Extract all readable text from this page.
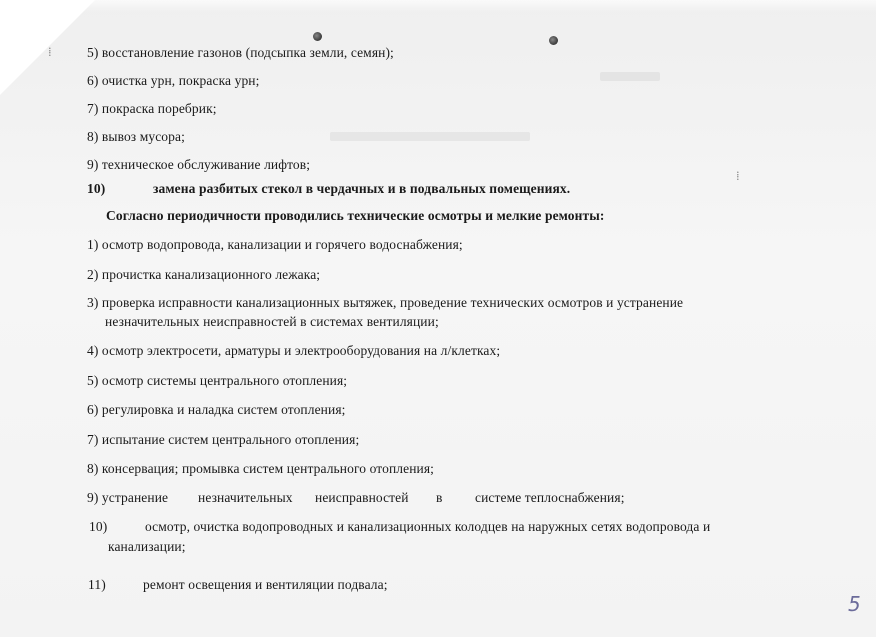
⁞
⁞
5) восстановление газонов (подсыпка земли, семян);
6) очистка урн, покраска урн;
7) покраска поребрик;
8) вывоз мусора;
9) техническое обслуживание лифтов;
10)	замена разбитых стекол в чердачных и в подвальных помещениях.
Согласно периодичности проводились технические осмотры и мелкие ремонты:
1) осмотр водопровода, канализации и горячего водоснабжения;
2) прочистка канализационного лежака;
3) проверка исправности канализационных вытяжек, проведение технических осмотров и устранение
незначительных неисправностей в системах вентиляции;
4) осмотр электросети, арматуры и электрооборудования на л/клетках;
5) осмотр системы центрального отопления;
6) регулировка и наладка систем отопления;
7) испытание систем центрального отопления;
8) консервация; промывка систем центрального отопления;
9) устранение незначительных неисправностей в системе теплоснабжения;
10)	осмотр, очистка водопроводных и канализационных колодцев на наружных сетях водопровода и
канализации;
11)	ремонт освещения и вентиляции подвала;
5
